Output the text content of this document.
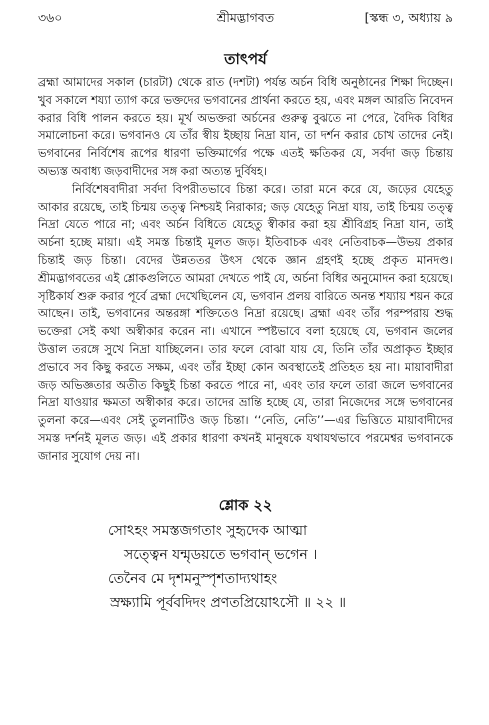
৩৬০	শ্রীমদ্ভাগবত	[স্কন্ধ ৩, অধ্যায় ৯
তাৎপর্য

ব্রহ্মা আমাদের সকাল (চারটা) থেকে রাত (দশটা) পর্যন্ত অর্চন বিধি অনুষ্ঠানের শিক্ষা দিচ্ছেন। খুব সকালে শয্যা ত্যাগ করে ভক্তদের ভগবানের প্রার্থনা করতে হয়, এবং মঙ্গল আরতি নিবেদন করার বিধি পালন করতে হয়। মূর্খ অভক্তরা অর্চনের গুরুত্ব বুঝতে না পেরে, বৈদিক বিধির সমালোচনা করে। ভগবানও যে তাঁর স্বীয় ইচ্ছায় নিদ্রা যান, তা দর্শন করার চোখ তাদের নেই। ভগবানের নির্বিশেষ রূপের ধারণা ভক্তিমার্গের পক্ষে এতই ক্ষতিকর যে, সর্বদা জড় চিন্তায় অভ্যস্ত অবাধ্য জড়বাদীদের সঙ্গ করা অত্যন্ত দুর্বিষহ।

নির্বিশেষবাদীরা সর্বদা বিপরীতভাবে চিন্তা করে। তারা মনে করে যে, জড়ের যেহেতু আকার রয়েছে, তাই চিন্ময় তত্ত্ব নিশ্চয়ই নিরাকার; জড় যেহেতু নিদ্রা যায়, তাই চিন্ময় তত্ত্ব নিদ্রা যেতে পারে না; এবং অর্চন বিধিতে যেহেতু স্বীকার করা হয় শ্রীবিগ্রহ নিদ্রা যান, তাই অর্চনা হচ্ছে মায়া। এই সমস্ত চিন্তাই মূলত জড়। ইতিবাচক এবং নেতিবাচক—উভয় প্রকার চিন্তাই জড় চিন্তা। বেদের উন্নততর উৎস থেকে জ্ঞান গ্রহণই হচ্ছে প্রকৃত মানদণ্ড। শ্রীমদ্ভাগবতের এই শ্লোকগুলিতে আমরা দেখতে পাই যে, অর্চনা বিধির অনুমোদন করা হয়েছে। সৃষ্টিকার্য শুরু করার পূর্বে ব্রহ্মা দেখেছিলেন যে, ভগবান প্রলয় বারিতে অনন্ত শয্যায় শয়ন করে আছেন। তাই, ভগবানের অন্তরঙ্গা শক্তিতেও নিদ্রা রয়েছে। ব্রহ্মা এবং তাঁর পরম্পরায় শুদ্ধ ভক্তেরা সেই কথা অস্বীকার করেন না। এখানে স্পষ্টভাবে বলা হয়েছে যে, ভগবান জলের উত্তাল তরঙ্গে সুখে নিদ্রা যাচ্ছিলেন। তার ফলে বোঝা যায় যে, তিনি তাঁর অপ্রাকৃত ইচ্ছার প্রভাবে সব কিছু করতে সক্ষম, এবং তাঁর ইচ্ছা কোন অবস্থাতেই প্রতিহত হয় না। মায়াবাদীরা জড় অভিজ্ঞতার অতীত কিছুই চিন্তা করতে পারে না, এবং তার ফলে তারা জলে ভগবানের নিদ্রা যাওয়ার ক্ষমতা অস্বীকার করে। তাদের ভ্রান্তি হচ্ছে যে, তারা নিজেদের সঙ্গে ভগবানের তুলনা করে—এবং সেই তুলনাটিও জড় চিন্তা। ‘‘নেতি, নেতি’’—এর ভিত্তিতে মায়াবাদীদের সমস্ত দর্শনই মূলত জড়। এই প্রকার ধারণা কখনই মানুষকে যথাযথভাবে পরমেশ্বর ভগবানকে জানার সুযোগ দেয় না।

শ্লোক ২২
সোঽহং সমস্তজগতাং সুহৃদেক আত্মা
সত্ত্বেন যন্মৃডয়তে ভগবান্ ভগেন ।
তেনৈব মে দৃশমনুস্পৃশতাদ্যথাহং
স্রক্ষ্যামি পূর্ববদিদং প্রণতপ্রিয়োঽসৌ ॥ ২২ ॥
